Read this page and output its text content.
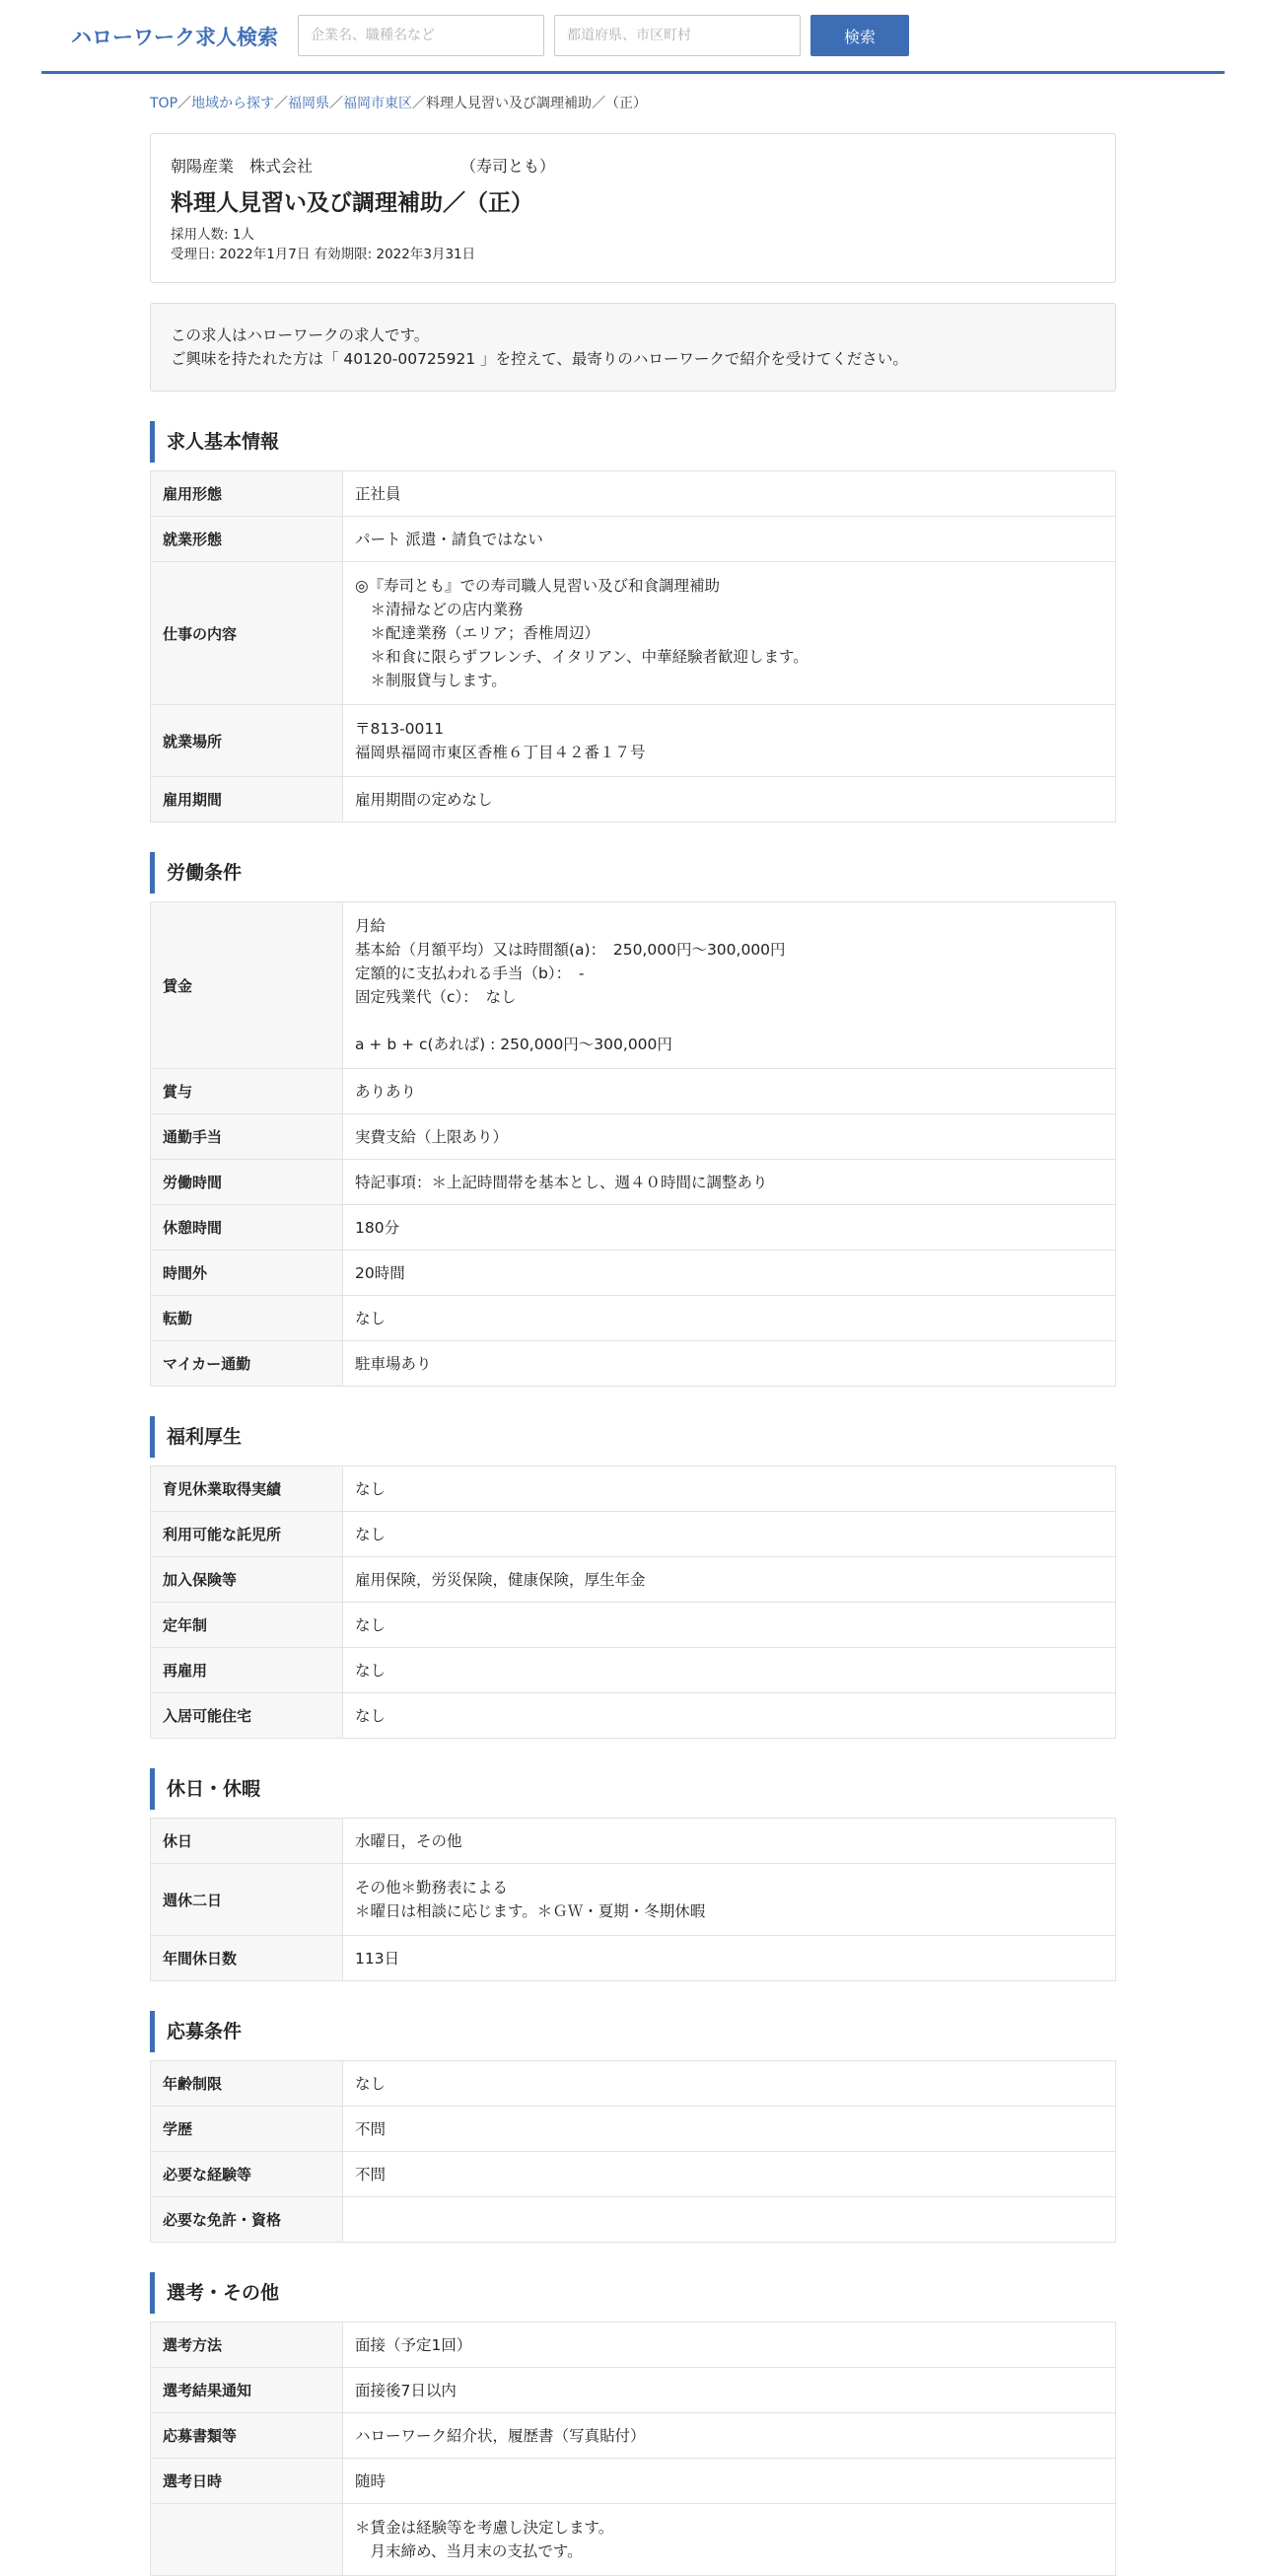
ハローワーク求人検索
企業名、職種名など
都道府県、市区町村	検索
TOP／地域から探す／福岡県／福岡市東区／料理人見習い及び調理補助／（正）
朝陽産業　株式会社	（寿司とも）
料理人見習い及び調理補助／（正）
採用人数: 1人
受理日: 2022年1月7日 有効期限: 2022年3月31日
この求人はハローワークの求人です。
ご興味を持たれた方は「 40120-00725921 」を控えて、最寄りのハローワークで紹介を受けてください。
求人基本情報
雇用形態	正社員
就業形態	パート 派遣・請負ではない
仕事の内容	◎『寿司とも』での寿司職人見習い及び和食調理補助
　＊清掃などの店内業務
　＊配達業務（エリア；香椎周辺）
　＊和食に限らずフレンチ、イタリアン、中華経験者歓迎します。
　＊制服貸与します。
就業場所	〒813-0011
福岡県福岡市東区香椎６丁目４２番１７号
雇用期間	雇用期間の定めなし
労働条件
賃金	月給
基本給（月額平均）又は時間額(a)：　250,000円〜300,000円
定額的に支払われる手当（b）：　-
固定残業代（c）：　なし

a + b + c(あれば) : 250,000円〜300,000円
賞与	ありあり
通勤手当	実費支給（上限あり）
労働時間	特記事項：＊上記時間帯を基本とし、週４０時間に調整あり
休憩時間	180分
時間外	20時間
転勤	なし
マイカー通勤	駐車場あり
福利厚生
育児休業取得実績	なし
利用可能な託児所	なし
加入保険等	雇用保険，労災保険，健康保険，厚生年金
定年制	なし
再雇用	なし
入居可能住宅	なし
休日・休暇
休日	水曜日，その他
週休二日	その他＊勤務表による
＊曜日は相談に応じます。＊ＧＷ・夏期・冬期休暇
年間休日数	113日
応募条件
年齢制限	なし
学歴	不問
必要な経験等	不問
必要な免許・資格	
選考・その他
選考方法	面接（予定1回）
選考結果通知	面接後7日以内
応募書類等	ハローワーク紹介状，履歴書（写真貼付）
選考日時	随時
	＊賃金は経験等を考慮し決定します。
　月末締め、当月末の支払です。
